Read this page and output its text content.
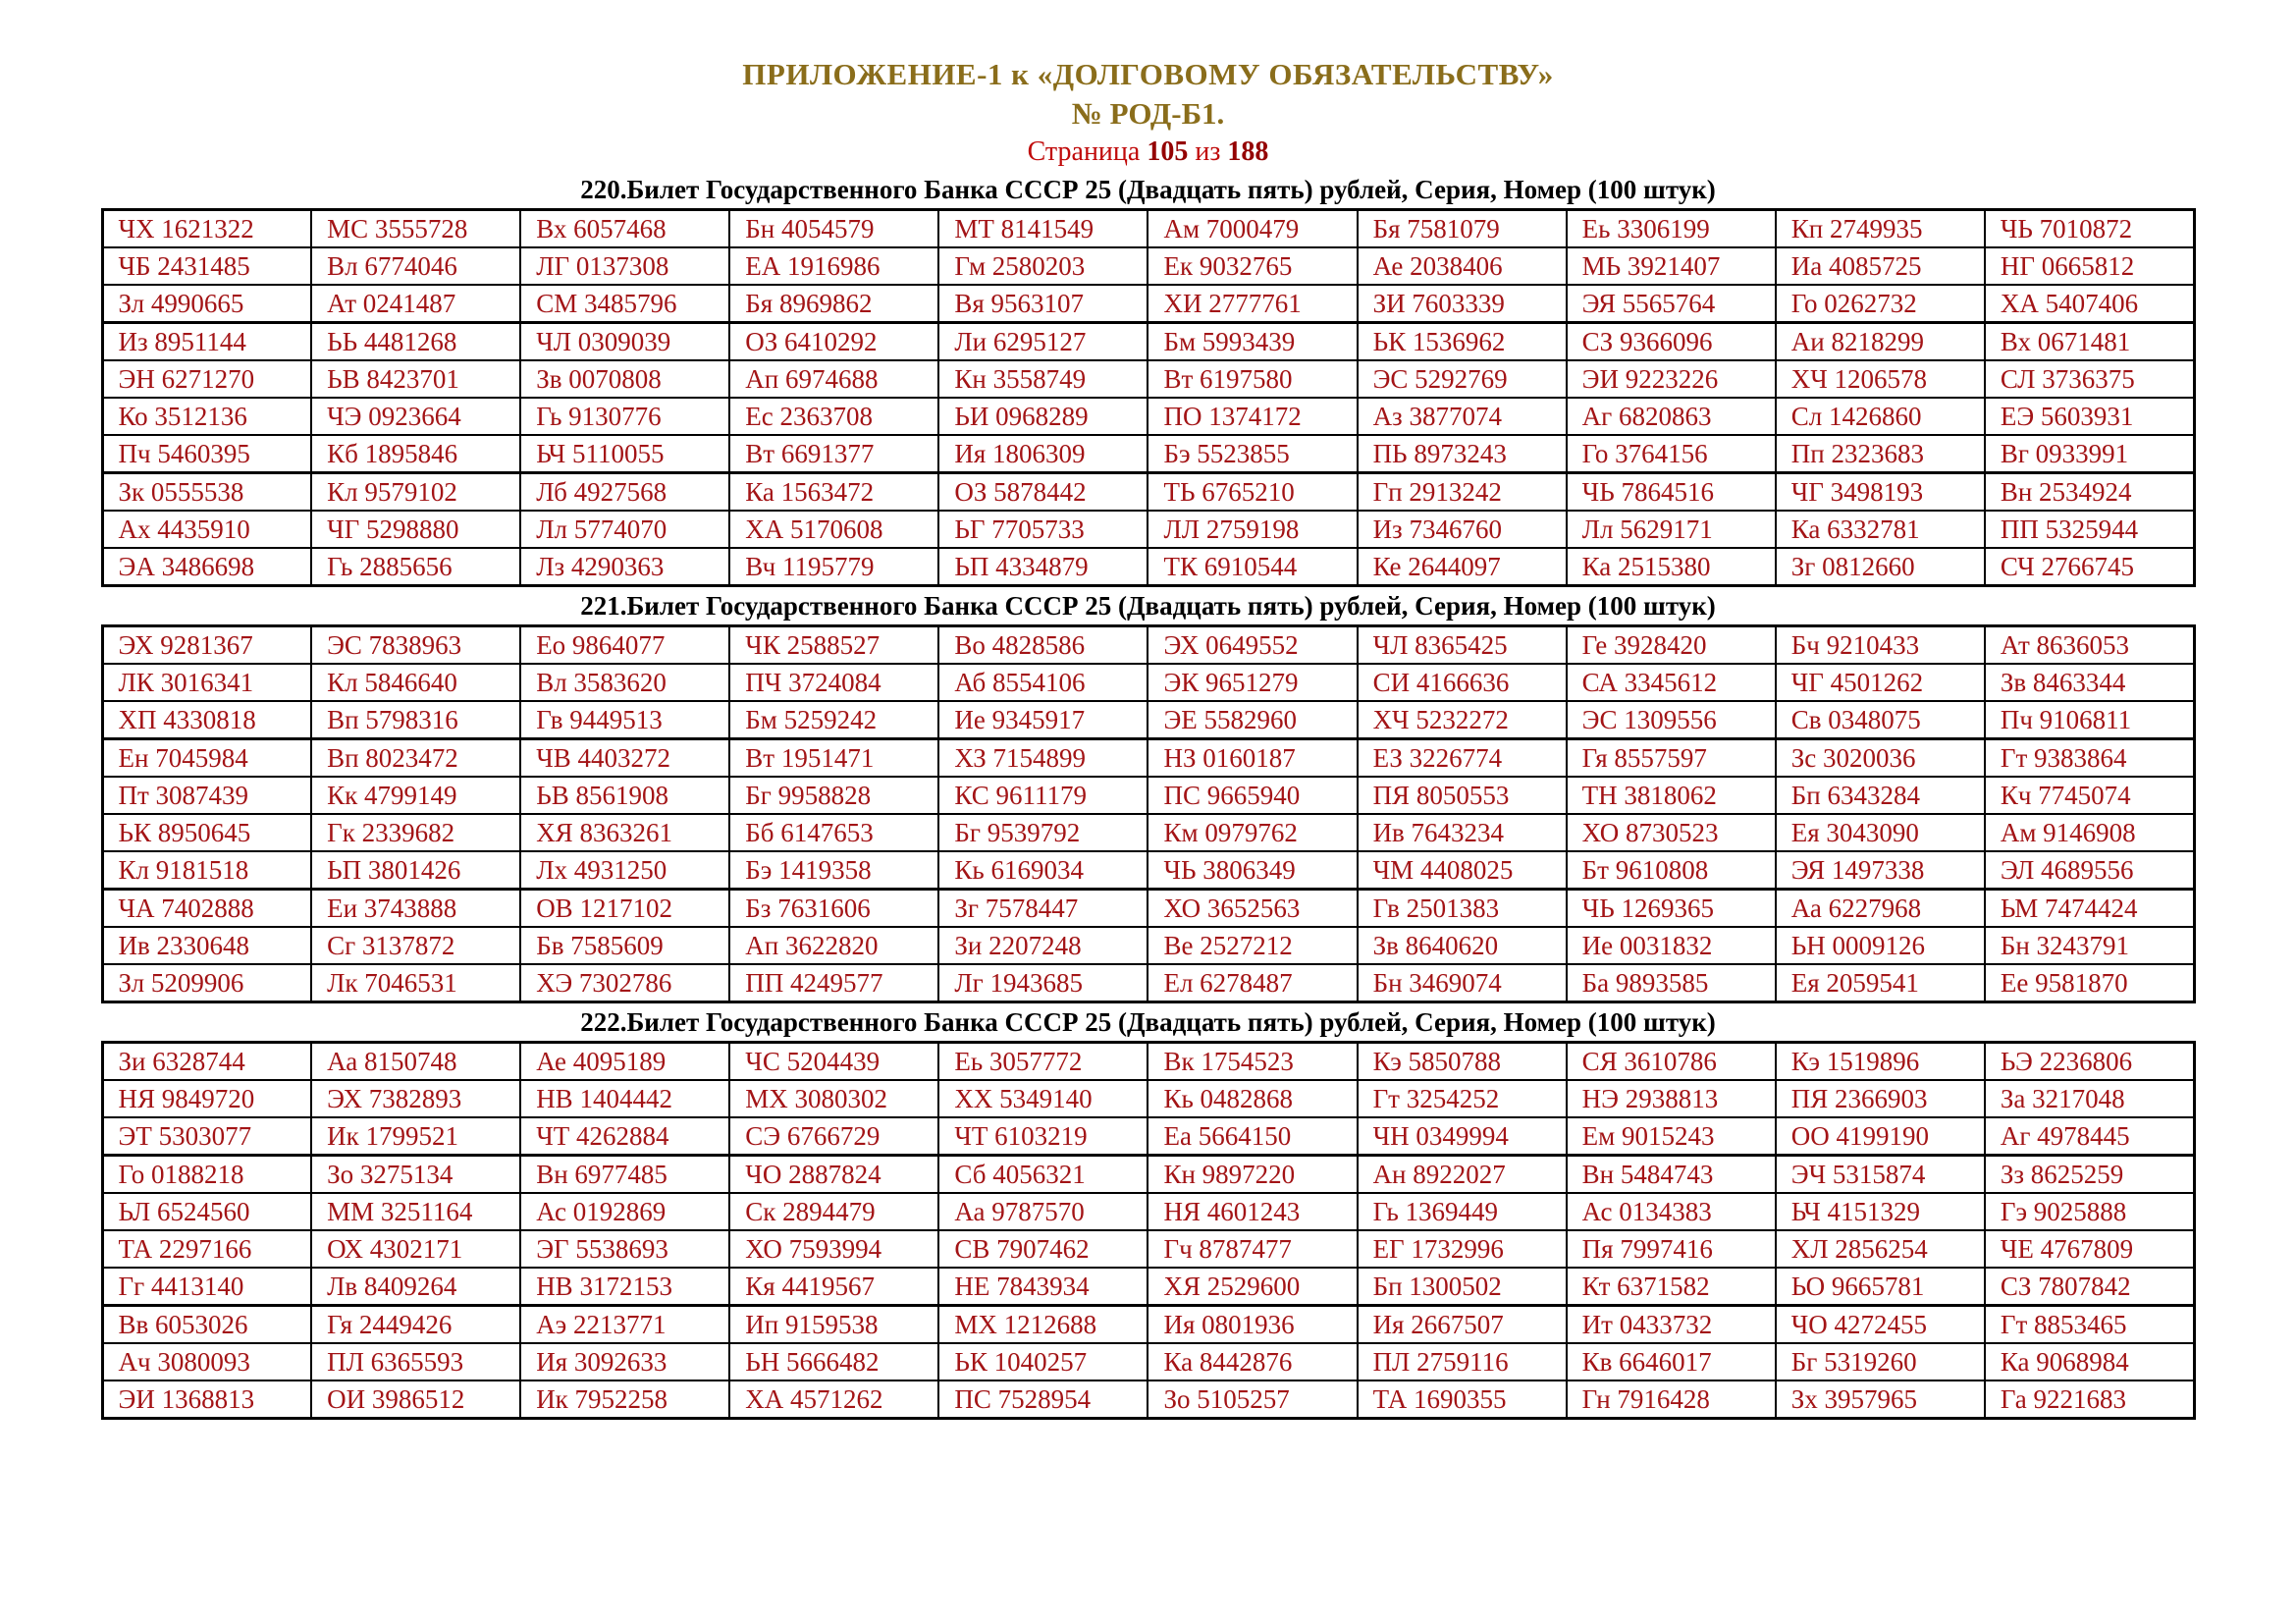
ПРИЛОЖЕНИЕ-1 к «ДОЛГОВОМУ ОБЯЗАТЕЛЬСТВУ»
№ РОД-Б1.

Страница 105 из 188

220.Билет Государственного Банка СССР 25 (Двадцать пять) рублей, Серия, Номер (100 штук)
ЧХ 1621322	МС 3555728	Вх 6057468	Бн 4054579	МТ 8141549	Ам 7000479	Бя 7581079	Еь 3306199	Кп 2749935	ЧЬ 7010872
ЧБ 2431485	Вл 6774046	ЛГ 0137308	ЕА 1916986	Гм 2580203	Ек 9032765	Ае 2038406	МЬ 3921407	Иа 4085725	НГ 0665812
Зл 4990665	Ат 0241487	СМ 3485796	Бя 8969862	Вя 9563107	ХИ 2777761	ЗИ 7603339	ЭЯ 5565764	Го 0262732	ХА 5407406
Из 8951144	ЬЬ 4481268	ЧЛ 0309039	ОЗ 6410292	Ли 6295127	Бм 5993439	ЬК 1536962	СЗ 9366096	Аи 8218299	Вх 0671481
ЭН 6271270	ЬВ 8423701	Зв 0070808	Ап 6974688	Кн 3558749	Вт 6197580	ЭС 5292769	ЭИ 9223226	ХЧ 1206578	СЛ 3736375
Ко 3512136	ЧЭ 0923664	Гь 9130776	Ес 2363708	ЬИ 0968289	ПО 1374172	Аз 3877074	Аг 6820863	Сл 1426860	ЕЭ 5603931
Пч 5460395	Кб 1895846	ЬЧ 5110055	Вт 6691377	Ия 1806309	Бэ 5523855	ПЬ 8973243	Го 3764156	Пп 2323683	Вг 0933991
Зк 0555538	Кл 9579102	Лб 4927568	Ка 1563472	ОЗ 5878442	ТЬ 6765210	Гп 2913242	ЧЬ 7864516	ЧГ 3498193	Вн 2534924
Ах 4435910	ЧГ 5298880	Лл 5774070	ХА 5170608	ЬГ 7705733	ЛЛ 2759198	Из 7346760	Лл 5629171	Ка 6332781	ПП 5325944
ЭА 3486698	Гь 2885656	Лз 4290363	Вч 1195779	ЬП 4334879	ТК 6910544	Ке 2644097	Ка 2515380	Зг 0812660	СЧ 2766745
221.Билет Государственного Банка СССР 25 (Двадцать пять) рублей, Серия, Номер (100 штук)
ЭХ 9281367	ЭС 7838963	Ео 9864077	ЧК 2588527	Во 4828586	ЭХ 0649552	ЧЛ 8365425	Ге 3928420	Бч 9210433	Ат 8636053
ЛК 3016341	Кл 5846640	Вл 3583620	ПЧ 3724084	Аб 8554106	ЭК 9651279	СИ 4166636	СА 3345612	ЧГ 4501262	Зв 8463344
ХП 4330818	Вп 5798316	Гв 9449513	Бм 5259242	Ие 9345917	ЭЕ 5582960	ХЧ 5232272	ЭС 1309556	Св 0348075	Пч 9106811
Ен 7045984	Вп 8023472	ЧВ 4403272	Вт 1951471	ХЗ 7154899	НЗ 0160187	ЕЗ 3226774	Гя 8557597	Зс 3020036	Гт 9383864
Пт 3087439	Кк 4799149	ЬВ 8561908	Бг 9958828	КС 9611179	ПС 9665940	ПЯ 8050553	ТН 3818062	Бп 6343284	Кч 7745074
ЬК 8950645	Гк 2339682	ХЯ 8363261	Бб 6147653	Бг 9539792	Км 0979762	Ив 7643234	ХО 8730523	Ея 3043090	Ам 9146908
Кл 9181518	ЬП 3801426	Лх 4931250	Бэ 1419358	Кь 6169034	ЧЬ 3806349	ЧМ 4408025	Бт 9610808	ЭЯ 1497338	ЭЛ 4689556
ЧА 7402888	Еи 3743888	ОВ 1217102	Бз 7631606	Зг 7578447	ХО 3652563	Гв 2501383	ЧЬ 1269365	Аа 6227968	ЬМ 7474424
Ив 2330648	Сг 3137872	Бв 7585609	Ап 3622820	Зи 2207248	Ве 2527212	Зв 8640620	Ие 0031832	ЬН 0009126	Бн 3243791
Зл 5209906	Лк 7046531	ХЭ 7302786	ПП 4249577	Лг 1943685	Ел 6278487	Бн 3469074	Ба 9893585	Ея 2059541	Ее 9581870
222.Билет Государственного Банка СССР 25 (Двадцать пять) рублей, Серия, Номер (100 штук)
Зи 6328744	Аа 8150748	Ае 4095189	ЧС 5204439	Еь 3057772	Вк 1754523	Кэ 5850788	СЯ 3610786	Кэ 1519896	ЬЭ 2236806
НЯ 9849720	ЭХ 7382893	НВ 1404442	МХ 3080302	ХХ 5349140	Кь 0482868	Гт 3254252	НЭ 2938813	ПЯ 2366903	За 3217048
ЭТ 5303077	Ик 1799521	ЧТ 4262884	СЭ 6766729	ЧТ 6103219	Еа 5664150	ЧН 0349994	Ем 9015243	ОО 4199190	Аг 4978445
Го 0188218	Зо 3275134	Вн 6977485	ЧО 2887824	Сб 4056321	Кн 9897220	Ан 8922027	Вн 5484743	ЭЧ 5315874	Зз 8625259
ЬЛ 6524560	ММ 3251164	Ас 0192869	Ск 2894479	Аа 9787570	НЯ 4601243	Гь 1369449	Ас 0134383	ЬЧ 4151329	Гэ 9025888
ТА 2297166	ОХ 4302171	ЭГ 5538693	ХО 7593994	СВ 7907462	Гч 8787477	ЕГ 1732996	Пя 7997416	ХЛ 2856254	ЧЕ 4767809
Гг 4413140	Лв 8409264	НВ 3172153	Кя 4419567	НЕ 7843934	ХЯ 2529600	Бп 1300502	Кт 6371582	ЬО 9665781	СЗ 7807842
Вв 6053026	Гя 2449426	Аэ 2213771	Ип 9159538	МХ 1212688	Ия 0801936	Ия 2667507	Ит 0433732	ЧО 4272455	Гт 8853465
Ач 3080093	ПЛ 6365593	Ия 3092633	ЬН 5666482	ЬК 1040257	Ка 8442876	ПЛ 2759116	Кв 6646017	Бг 5319260	Ка 9068984
ЭИ 1368813	ОИ 3986512	Ик 7952258	ХА 4571262	ПС 7528954	Зо 5105257	ТА 1690355	Гн 7916428	Зх 3957965	Га 9221683
